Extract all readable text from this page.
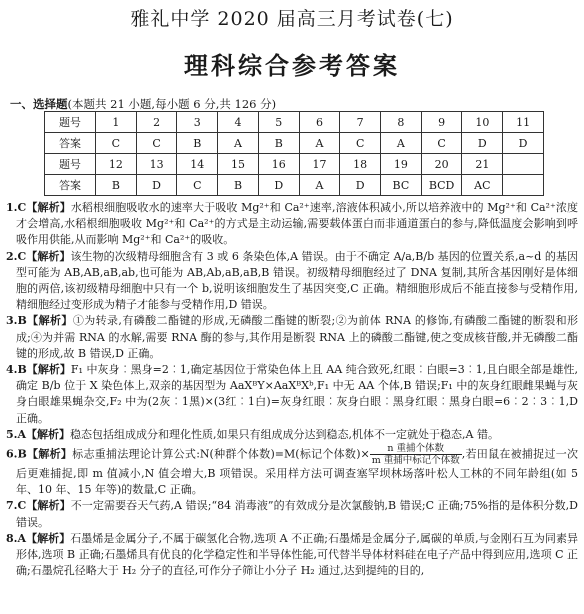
雅礼中学 2020 届高三月考试卷(七)
理科综合参考答案
一、选择题(本题共 21 小题,每小题 6 分,共 126 分)
题号	1	2	3	4	5	6	7	8	9	10	11
答案	C	C	B	A	B	A	C	A	C	D	D
题号	12	13	14	15	16	17	18	19	20	21	
答案	B	D	C	B	D	A	D	BC	BCD	AC	

1.C【解析】水稻根细胞吸收水的速率大于吸收 Mg²⁺和 Ca²⁺速率,溶液体积减小,所以培养液中的 Mg²⁺和 Ca²⁺浓度才会增高,水稻根细胞吸收 Mg²⁺和 Ca²⁺的方式是主动运输,需要载体蛋白而非通道蛋白的参与,降低温度会影响到呼吸作用供能,从而影响 Mg²⁺和 Ca²⁺的吸收。

2.C【解析】该生物的次级精母细胞含有 3 或 6 条染色体,A 错误。由于不确定 A/a,B/b 基因的位置关系,a~d 的基因型可能为 AB,AB,aB,ab,也可能为 AB,Ab,aB,aB,B 错误。初级精母细胞经过了 DNA 复制,其所含基因刚好是体细胞的两倍,该初级精母细胞中只有一个 b,说明该细胞发生了基因突变,C 正确。精细胞形成后不能直接参与受精作用,精细胞经过变形成为精子才能参与受精作用,D 错误。

3.B【解析】①为转录,有磷酸二酯键的形成,无磷酸二酯键的断裂;②为前体 RNA 的修饰,有磷酸二酯键的断裂和形成;④为并需 RNA 的水解,需要 RNA 酶的参与,其作用是断裂 RNA 上的磷酸二酯键,使之变成核苷酸,并无磷酸二酯键的形成,故 B 错误,D 正确。

4.B【解析】F₁ 中灰身︰黑身=2︰1,确定基因位于常染色体上且 AA 纯合致死,红眼︰白眼=3︰1,且白眼全部是雄性,确定 B/b 位于 X 染色体上,双亲的基因型为 AaXᴮY×AaXᴮXᵇ,F₁ 中无 AA 个体,B 错误;F₁ 中的灰身红眼雌果蝇与灰身白眼雄果蝇杂交,F₂ 中为(2灰︰1黑)×(3红︰1白)=灰身红眼︰灰身白眼︰黑身红眼︰黑身白眼=6︰2︰3︰1,D 正确。

5.A【解析】稳态包括组成成分和理化性质,如果只有组成成分达到稳态,机体不一定就处于稳态,A 错。

6.B【解析】标志重捕法理论计算公式:N(种群个体数)=M(标记个体数)× $\frac{\text{n 重捕个体数}}{\text{m 重捕中标记个体数}}$ ,若田鼠在被捕捉过一次后更难捕捉,即 m 值减小,N 值会增大,B 项错误。采用样方法可调查塞罕坝林场落叶松人工林的不同年龄组(如 5 年、10 年、15 年等)的数量,C 正确。

7.C【解析】不一定需要吞天气药,A 错误;“84 消毒液”的有效成分是次氯酸钠,B 错误;C 正确;75%指的是体积分数,D 错误。

8.A【解析】石墨烯是金属分子,不属于碳氢化合物,选项 A 不正确;石墨烯是金属分子,属碳的单质,与金刚石互为同素异形体,选项 B 正确;石墨烯具有优良的化学稳定性和半导体性能,可代替半导体材料硅在电子产品中得到应用,选项 C 正确;石墨烷孔径略大于 H₂ 分子的直径,可作分子筛让小分子 H₂ 通过,达到提纯的目的,
